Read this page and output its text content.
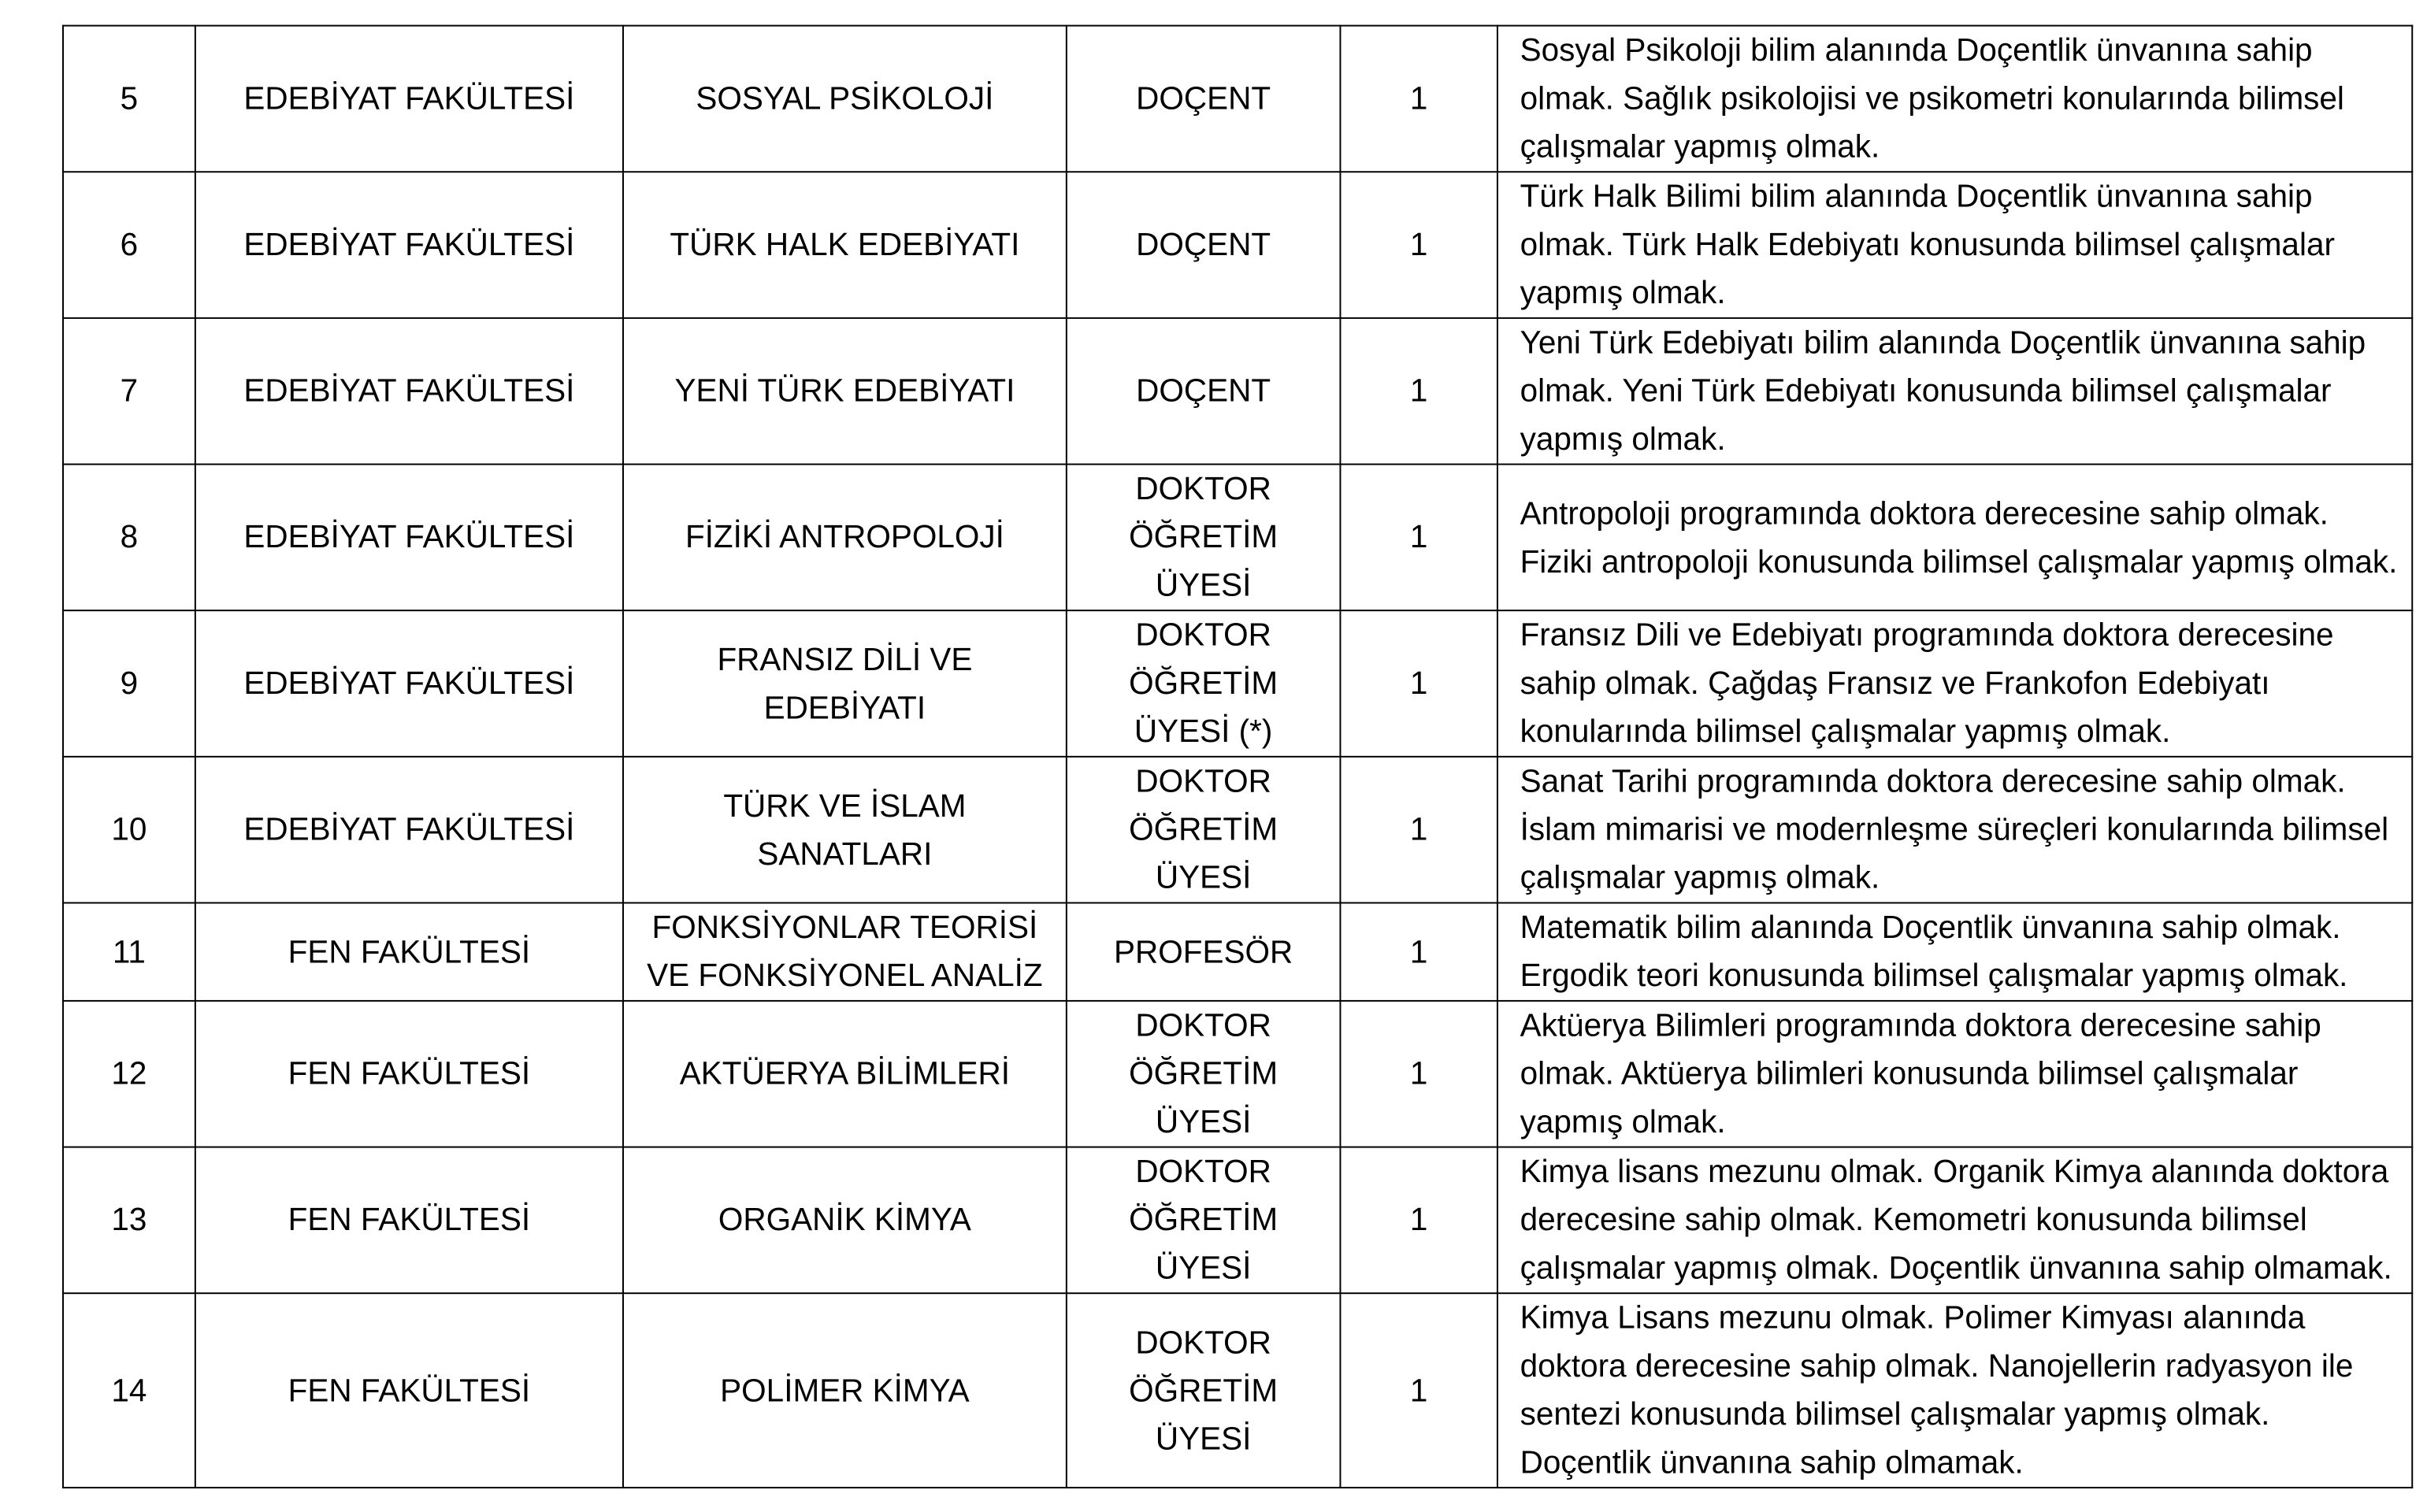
5	EDEBİYAT FAKÜLTESİ	SOSYAL PSİKOLOJİ	DOÇENT	1	Sosyal Psikoloji bilim alanında Doçentlik ünvanına sahip olmak. Sağlık psikolojisi ve psikometri konularında bilimsel çalışmalar yapmış olmak.
6	EDEBİYAT FAKÜLTESİ	TÜRK HALK EDEBİYATI	DOÇENT	1	Türk Halk Bilimi bilim alanında Doçentlik ünvanına sahip olmak. Türk Halk Edebiyatı konusunda bilimsel çalışmalar yapmış olmak.
7	EDEBİYAT FAKÜLTESİ	YENİ TÜRK EDEBİYATI	DOÇENT	1	Yeni Türk Edebiyatı bilim alanında Doçentlik ünvanına sahip olmak. Yeni Türk Edebiyatı konusunda bilimsel çalışmalar yapmış olmak.
8	EDEBİYAT FAKÜLTESİ	FİZİKİ ANTROPOLOJİ	DOKTOR ÖĞRETİM ÜYESİ	1	Antropoloji programında doktora derecesine sahip olmak. Fiziki antropoloji konusunda bilimsel çalışmalar yapmış olmak.
9	EDEBİYAT FAKÜLTESİ	FRANSIZ DİLİ VE EDEBİYATI	DOKTOR ÖĞRETİM ÜYESİ (*)	1	Fransız Dili ve Edebiyatı programında doktora derecesine sahip olmak. Çağdaş Fransız ve Frankofon Edebiyatı konularında bilimsel çalışmalar yapmış olmak.
10	EDEBİYAT FAKÜLTESİ	TÜRK VE İSLAM SANATLARI	DOKTOR ÖĞRETİM ÜYESİ	1	Sanat Tarihi programında doktora derecesine sahip olmak. İslam mimarisi ve modernleşme süreçleri konularında bilimsel çalışmalar yapmış olmak.
11	FEN FAKÜLTESİ	FONKSİYONLAR TEORİSİ VE FONKSİYONEL ANALİZ	PROFESÖR	1	Matematik bilim alanında Doçentlik ünvanına sahip olmak. Ergodik teori konusunda bilimsel çalışmalar yapmış olmak.
12	FEN FAKÜLTESİ	AKTÜERYA BİLİMLERİ	DOKTOR ÖĞRETİM ÜYESİ	1	Aktüerya Bilimleri programında doktora derecesine sahip olmak. Aktüerya bilimleri konusunda bilimsel çalışmalar yapmış olmak.
13	FEN FAKÜLTESİ	ORGANİK KİMYA	DOKTOR ÖĞRETİM ÜYESİ	1	Kimya lisans mezunu olmak. Organik Kimya alanında doktora derecesine sahip olmak. Kemometri konusunda bilimsel çalışmalar yapmış olmak. Doçentlik ünvanına sahip olmamak.
14	FEN FAKÜLTESİ	POLİMER KİMYA	DOKTOR ÖĞRETİM ÜYESİ	1	Kimya Lisans mezunu olmak. Polimer Kimyası alanında doktora derecesine sahip olmak. Nanojellerin radyasyon ile sentezi konusunda bilimsel çalışmalar yapmış olmak. Doçentlik ünvanına sahip olmamak.
